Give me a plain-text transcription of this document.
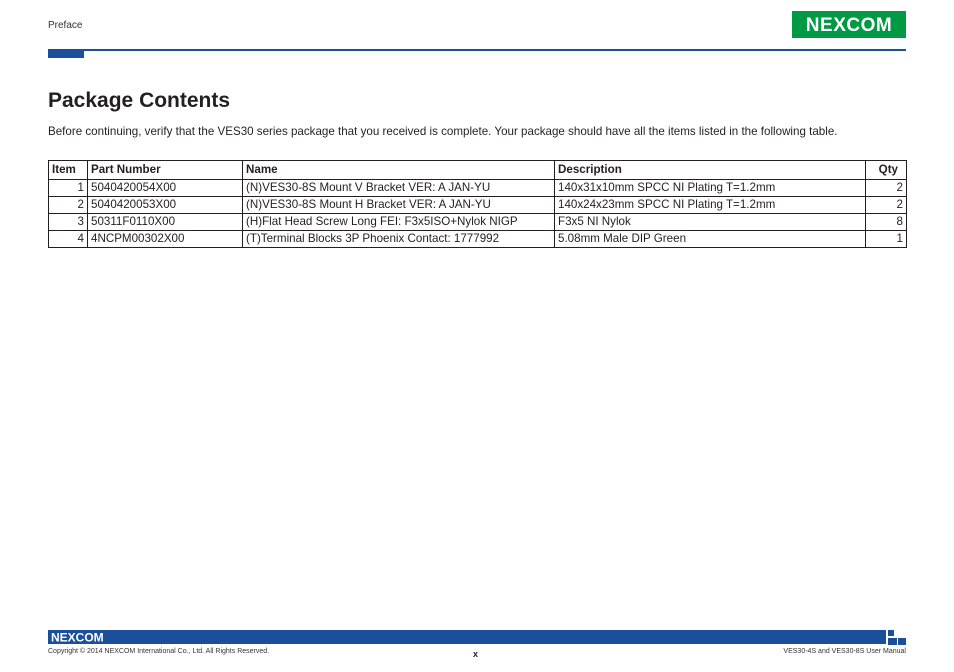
Preface	NEXCOM
Package Contents

Before continuing, verify that the VES30 series package that you received is complete. Your package should have all the items listed in the following table.

Item	Part Number	Name	Description	Qty
1	5040420054X00	(N)VES30-8S Mount V Bracket VER: A JAN-YU	140x31x10mm SPCC NI Plating T=1.2mm	2
2	5040420053X00	(N)VES30-8S Mount H Bracket VER: A JAN-YU	140x24x23mm SPCC NI Plating T=1.2mm	2
3	50311F0110X00	(H)Flat Head Screw Long FEI: F3x5ISO+Nylok NIGP	F3x5 NI Nylok	8
4	4NCPM00302X00	(T)Terminal Blocks 3P Phoenix Contact: 1777992	5.08mm Male DIP Green	1
NEXCOM
Copyright © 2014 NEXCOM International Co., Ltd. All Rights Reserved.	x	VES30-4S and VES30-8S User Manual
